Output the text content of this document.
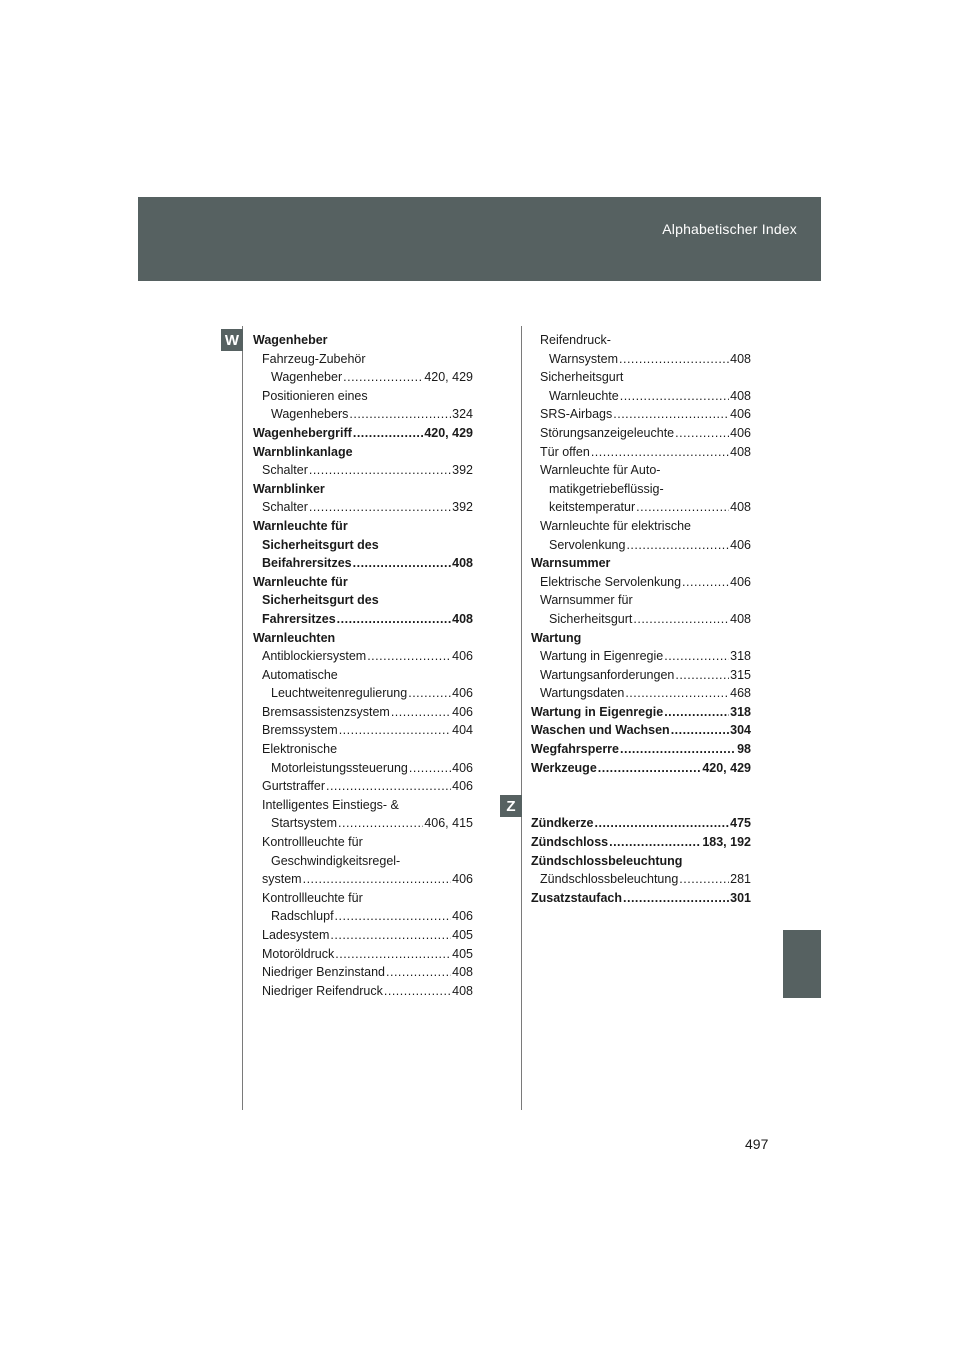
Alphabetischer Index
W
Z
Wagenheber
Fahrzeug-Zubehör
Wagenheber .....	420, 429
Positionieren eines
Wagenhebers .....	324
Wagenhebergriff .....	420, 429
Warnblinkanlage
Schalter .....	392
Warnblinker
Schalter .....	392
Warnleuchte für
Sicherheitsgurt des
Beifahrersitzes .....	408
Warnleuchte für
Sicherheitsgurt des
Fahrersitzes .....	408
Warnleuchten
Antiblockiersystem .....	406
Automatische
Leuchtweitenregulierung .....	406
Bremsassistenzsystem .....	406
Bremssystem .....	404
Elektronische
Motorleistungssteuerung .....	406
Gurtstraffer .....	406
Intelligentes Einstiegs- &
Startsystem .....	406, 415
Kontrollleuchte für
Geschwindigkeitsregel-
system .....	406
Kontrollleuchte für
Radschlupf .....	406
Ladesystem .....	405
Motoröldruck .....	405
Niedriger Benzinstand .....	408
Niedriger Reifendruck .....	408
Reifendruck-
Warnsystem .....	408
Sicherheitsgurt
Warnleuchte .....	408
SRS-Airbags .....	406
Störungsanzeigeleuchte .....	406
Tür offen .....	408
Warnleuchte für Auto-
matikgetriebeflüssig-
keitstemperatur .....	408
Warnleuchte für elektrische
Servolenkung .....	406
Warnsummer
Elektrische Servolenkung .....	406
Warnsummer für
Sicherheitsgurt .....	408
Wartung
Wartung in Eigenregie .....	318
Wartungsanforderungen .....	315
Wartungsdaten .....	468
Wartung in Eigenregie .....	318
Waschen und Wachsen .....	304
Wegfahrsperre .....	98
Werkzeuge .....	420, 429
Zündkerze .....	475
Zündschloss .....	183, 192
Zündschlossbeleuchtung
Zündschlossbeleuchtung .....	281
Zusatzstaufach .....	301
497
